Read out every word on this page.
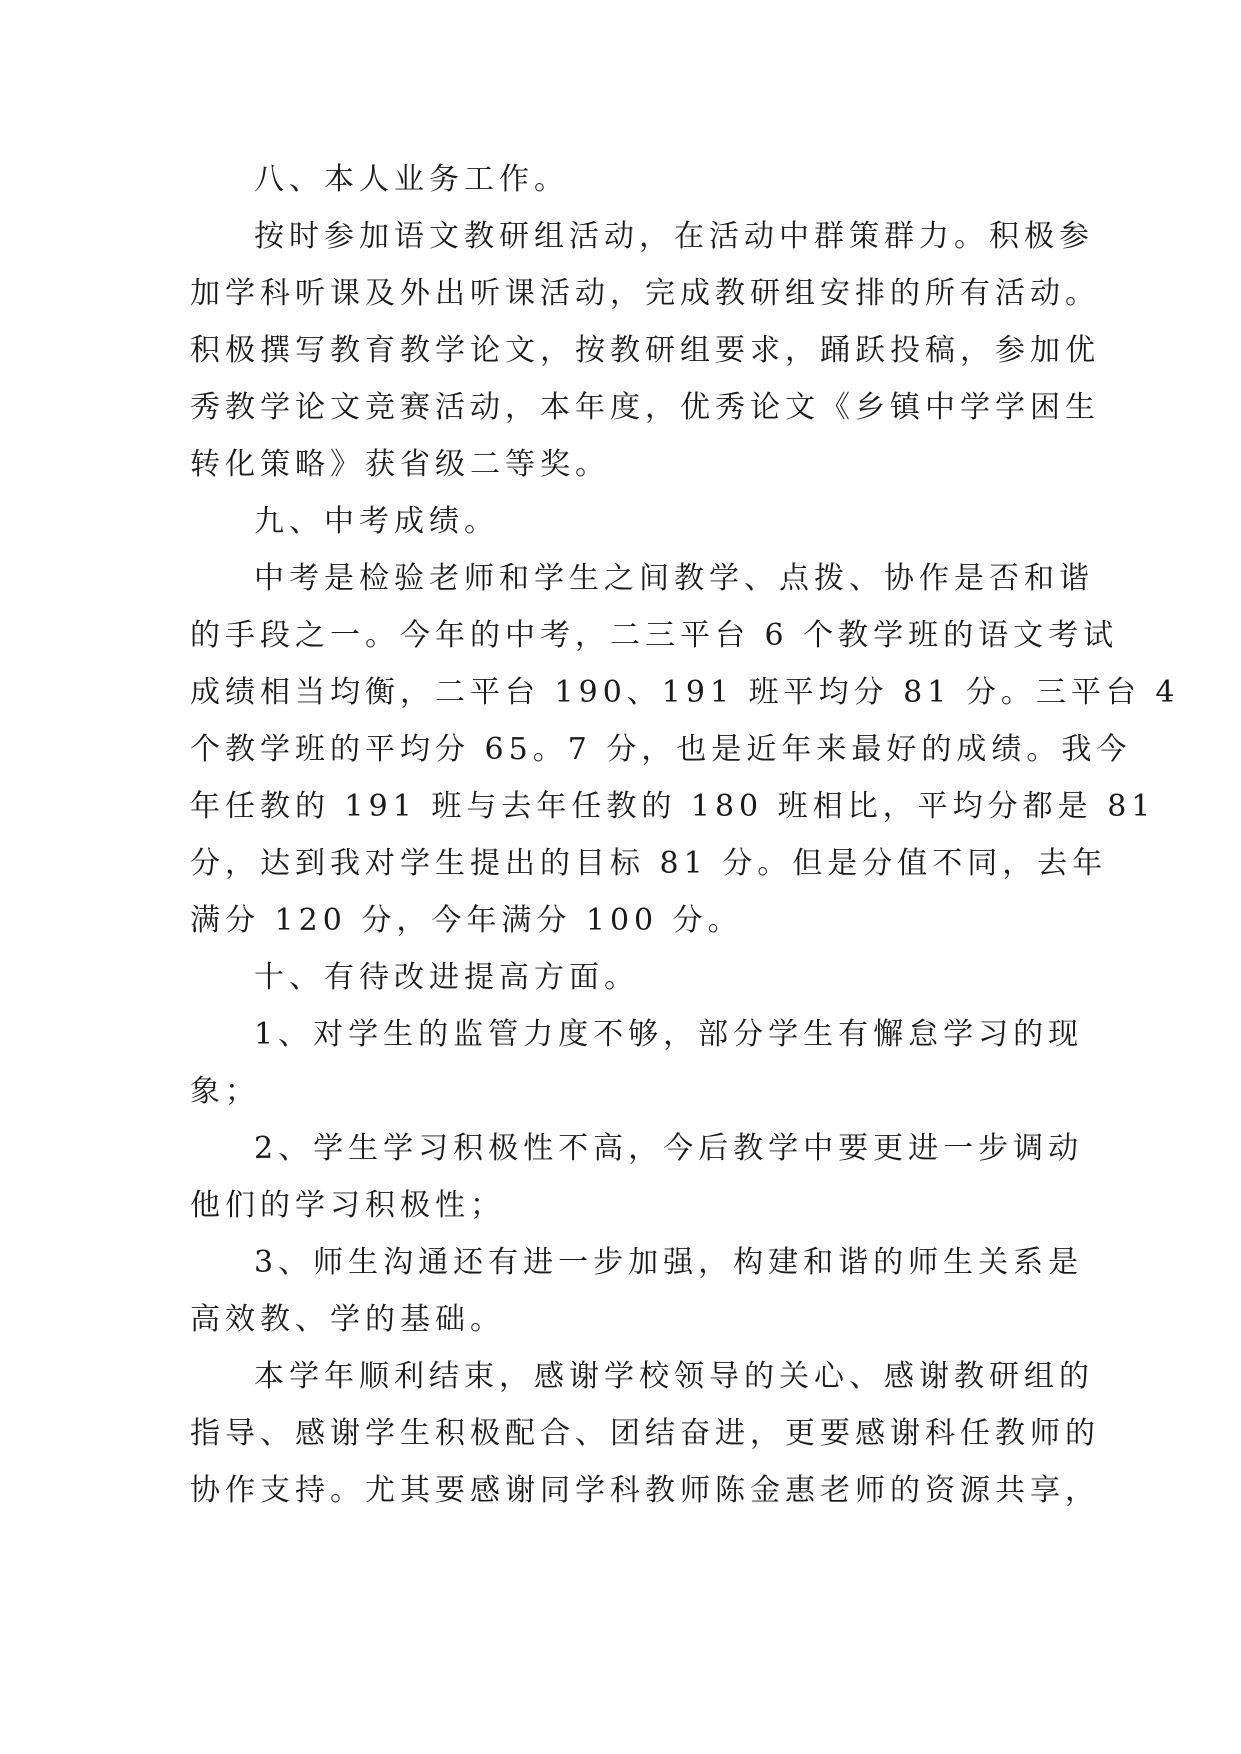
八、本人业务工作。
按时参加语文教研组活动，在活动中群策群力。积极参
加学科听课及外出听课活动，完成教研组安排的所有活动。
积极撰写教育教学论文，按教研组要求，踊跃投稿，参加优
秀教学论文竞赛活动，本年度，优秀论文《乡镇中学学困生
转化策略》获省级二等奖。
九、中考成绩。
中考是检验老师和学生之间教学、点拨、协作是否和谐
的手段之一。今年的中考，二三平台 6 个教学班的语文考试
成绩相当均衡，二平台 190、191 班平均分 81 分。三平台 4
个教学班的平均分 65。7 分，也是近年来最好的成绩。我今
年任教的 191 班与去年任教的 180 班相比，平均分都是 81
分，达到我对学生提出的目标 81 分。但是分值不同，去年
满分 120 分，今年满分 100 分。
十、有待改进提高方面。
1、对学生的监管力度不够，部分学生有懈怠学习的现
象；
2、学生学习积极性不高，今后教学中要更进一步调动
他们的学习积极性；
3、师生沟通还有进一步加强，构建和谐的师生关系是
高效教、学的基础。
本学年顺利结束，感谢学校领导的关心、感谢教研组的
指导、感谢学生积极配合、团结奋进，更要感谢科任教师的
协作支持。尤其要感谢同学科教师陈金惠老师的资源共享，
